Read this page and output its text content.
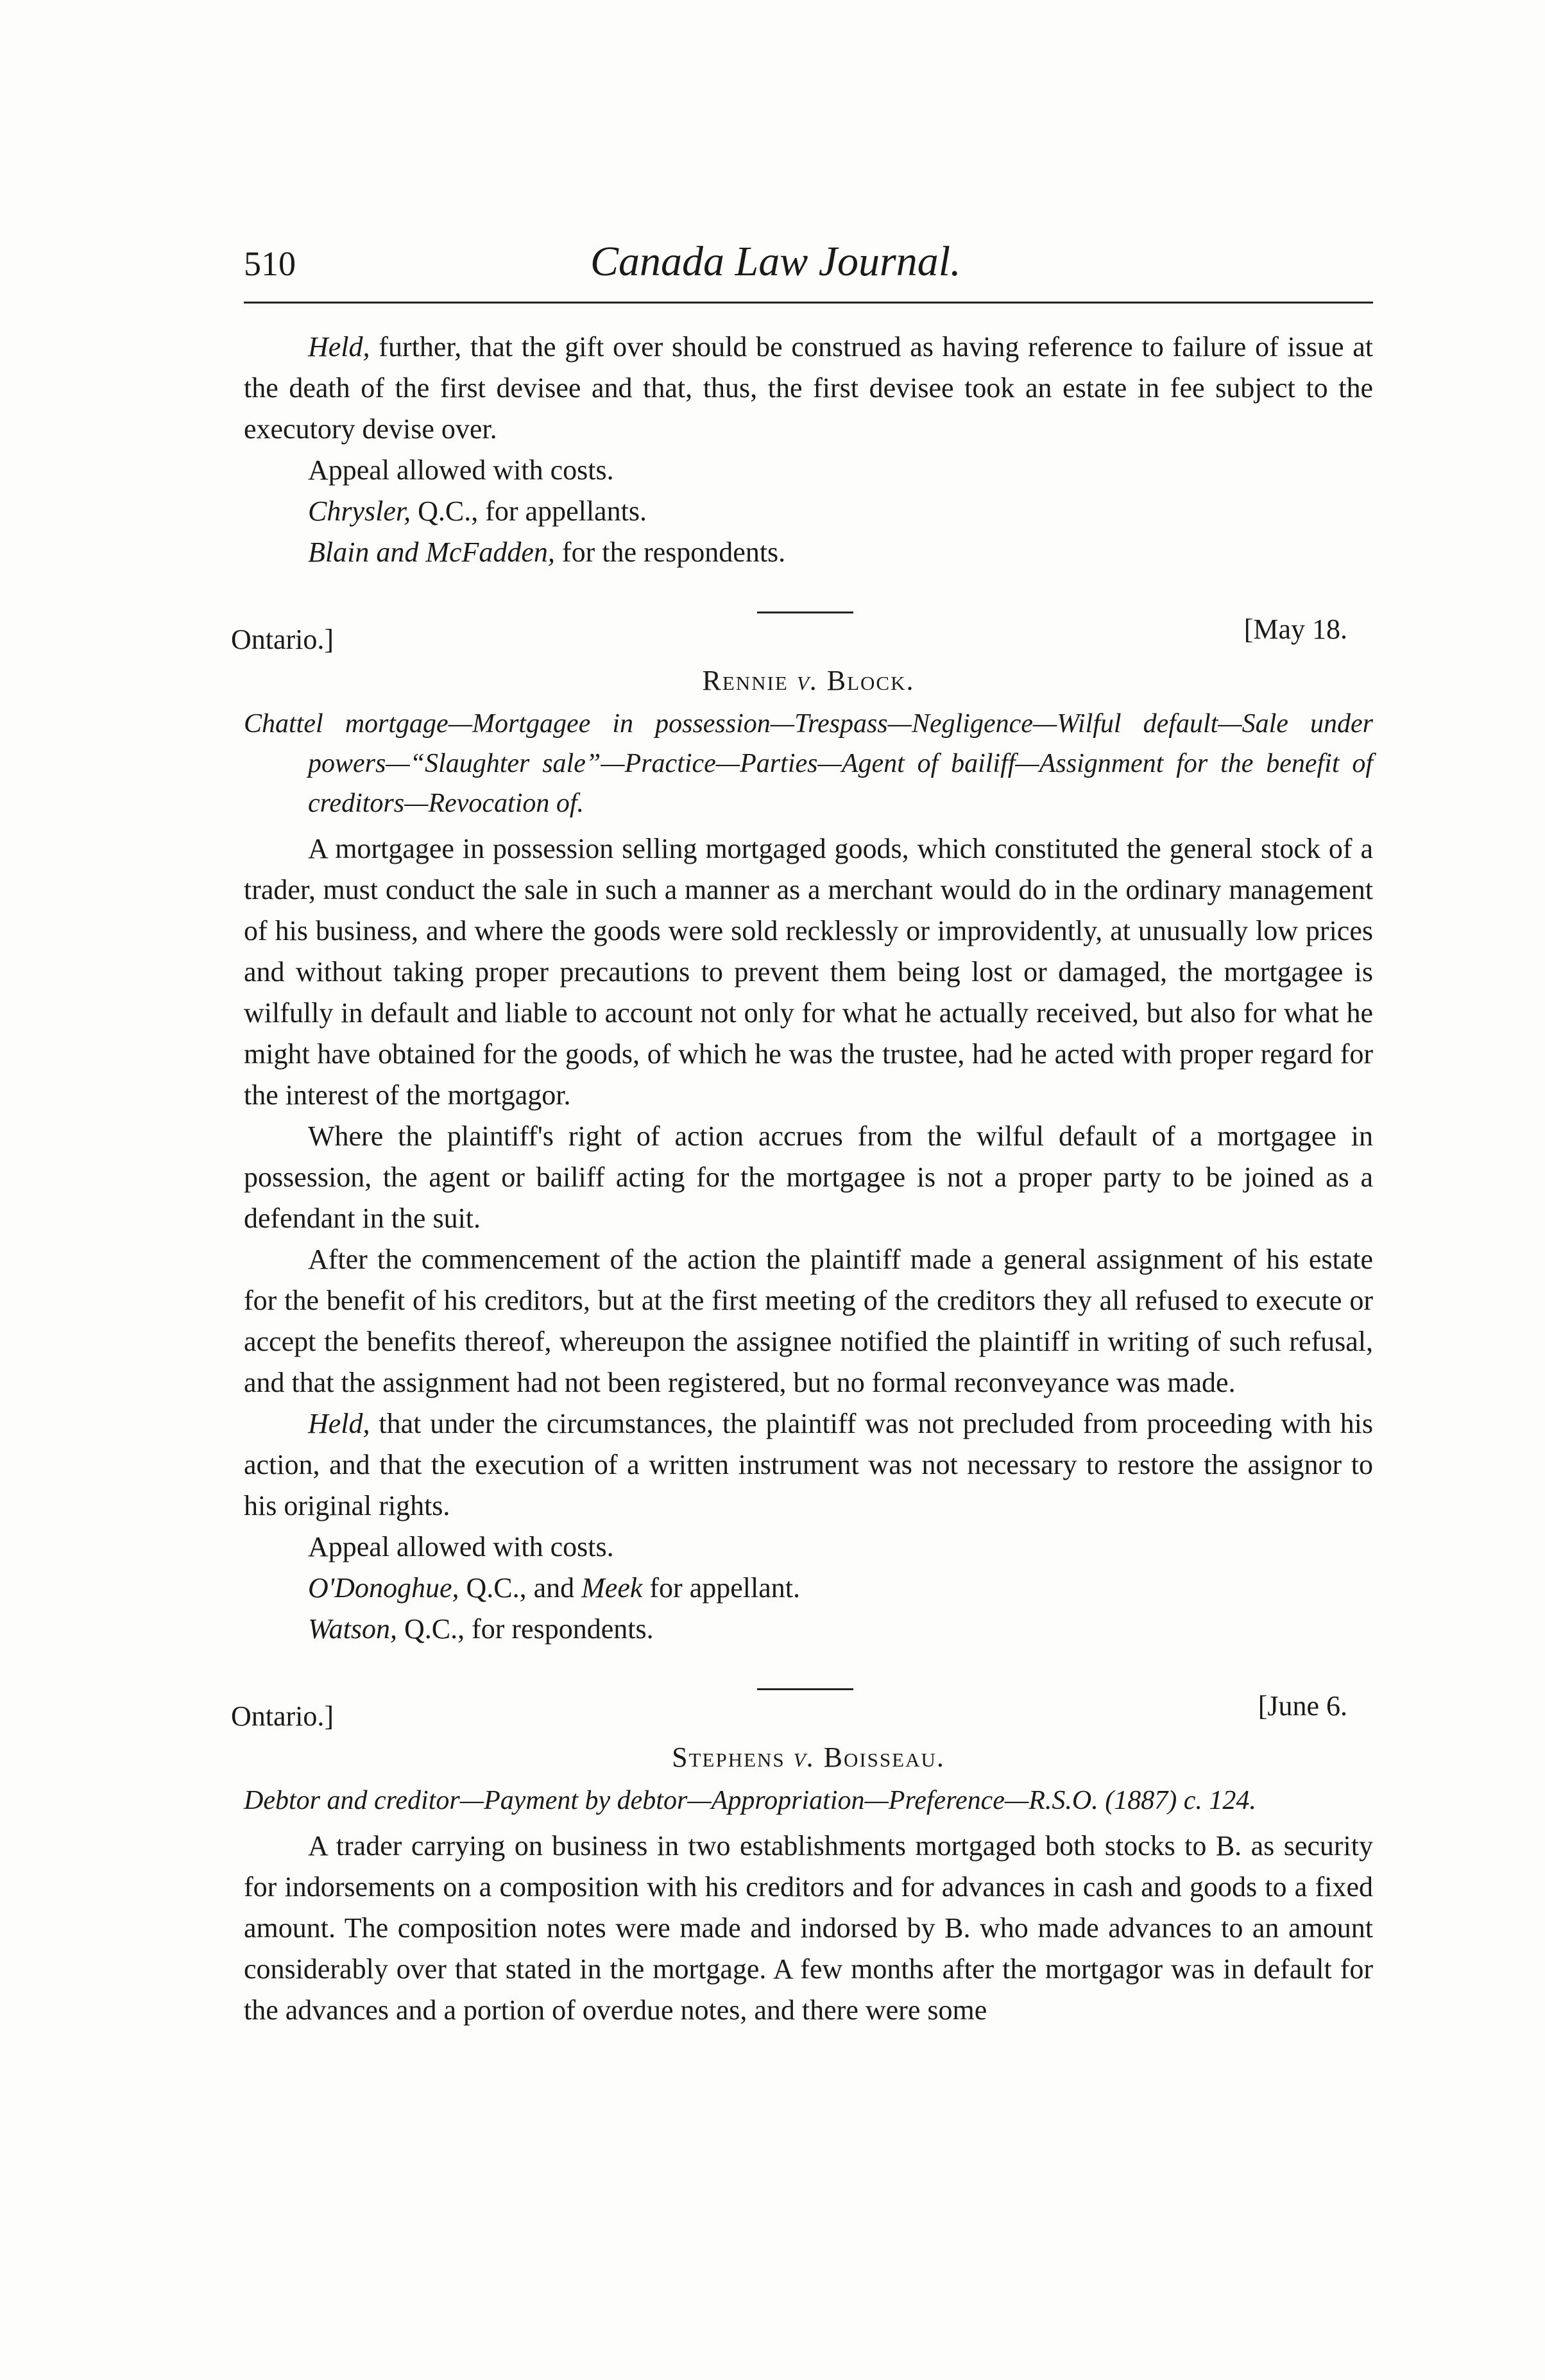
510	Canada Law Journal.

Held, further, that the gift over should be construed as having reference to failure of issue at the death of the first devisee and that, thus, the first devisee took an estate in fee subject to the executory devise over.

Appeal allowed with costs.

Chrysler, Q.C., for appellants.

Blain and McFadden, for the respondents.

Ontario.]	[May 18.

Rennie v. Block.

Chattel mortgage—Mortgagee in possession—Trespass—Negligence—Wilful default—Sale under powers—“Slaughter sale”—Practice—Parties—Agent of bailiff—Assignment for the benefit of creditors—Revocation of.

A mortgagee in possession selling mortgaged goods, which constituted the general stock of a trader, must conduct the sale in such a manner as a merchant would do in the ordinary management of his business, and where the goods were sold recklessly or improvidently, at unusually low prices and without taking proper precautions to prevent them being lost or damaged, the mortgagee is wilfully in default and liable to account not only for what he actually received, but also for what he might have obtained for the goods, of which he was the trustee, had he acted with proper regard for the interest of the mortgagor.

Where the plaintiff's right of action accrues from the wilful default of a mortgagee in possession, the agent or bailiff acting for the mortgagee is not a proper party to be joined as a defendant in the suit.

After the commencement of the action the plaintiff made a general assignment of his estate for the benefit of his creditors, but at the first meeting of the creditors they all refused to execute or accept the benefits thereof, whereupon the assignee notified the plaintiff in writing of such refusal, and that the assignment had not been registered, but no formal reconveyance was made.

Held, that under the circumstances, the plaintiff was not precluded from proceeding with his action, and that the execution of a written instrument was not necessary to restore the assignor to his original rights.

Appeal allowed with costs.

O'Donoghue, Q.C., and Meek for appellant.

Watson, Q.C., for respondents.

Ontario.]	[June 6.

Stephens v. Boisseau.

Debtor and creditor—Payment by debtor—Appropriation—Preference—R.S.O. (1887) c. 124.

A trader carrying on business in two establishments mortgaged both stocks to B. as security for indorsements on a composition with his creditors and for advances in cash and goods to a fixed amount. The composition notes were made and indorsed by B. who made advances to an amount considerably over that stated in the mortgage. A few months after the mortgagor was in default for the advances and a portion of overdue notes, and there were some
